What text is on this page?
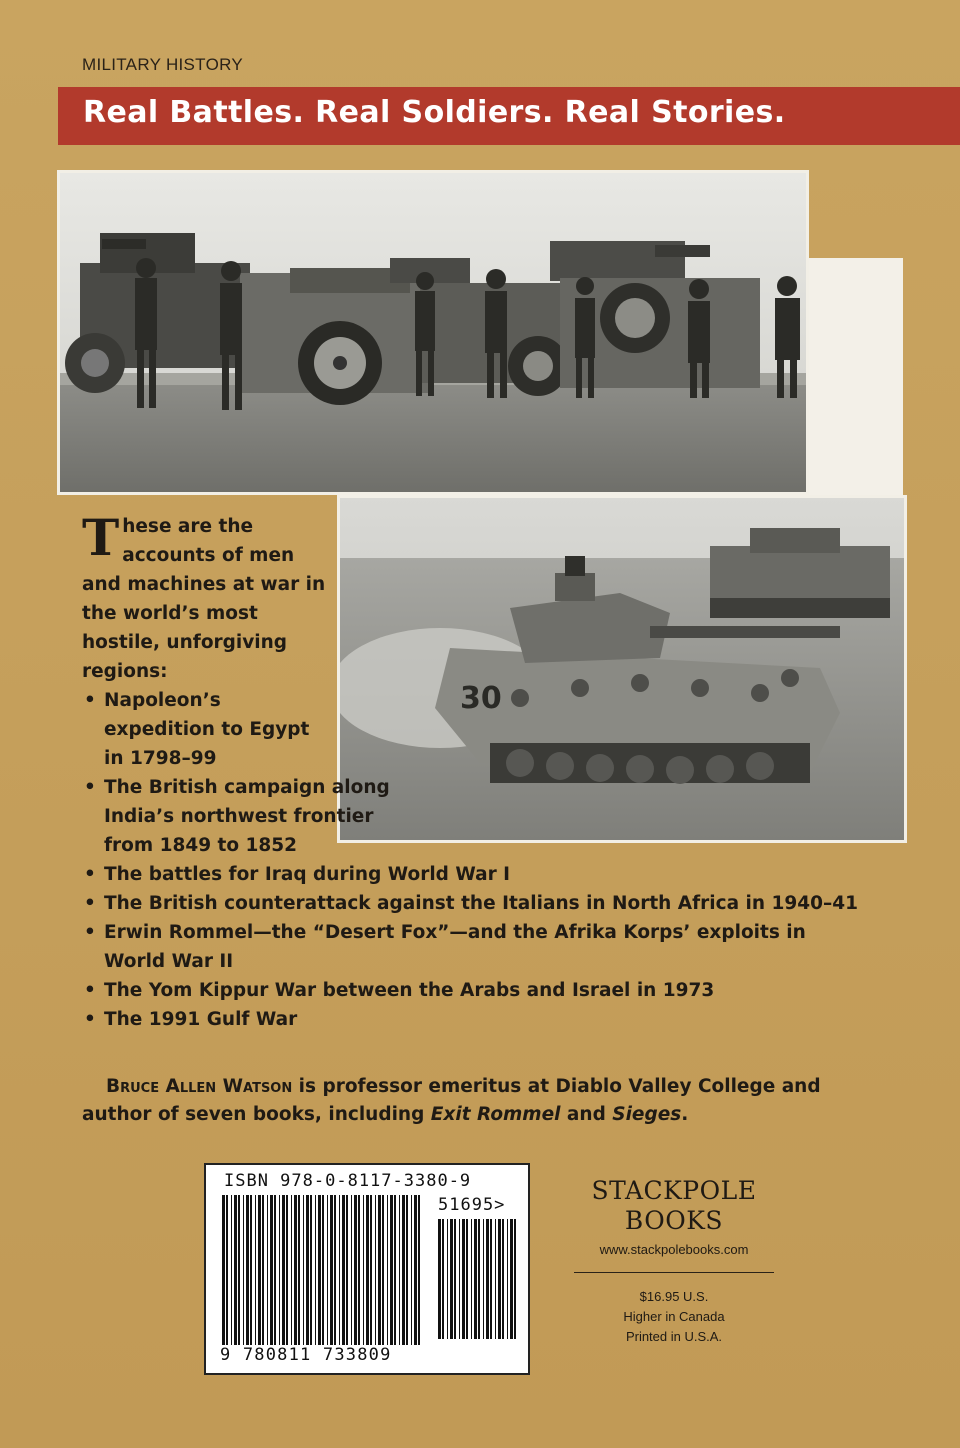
MILITARY HISTORY
Real Battles. Real Soldiers. Real Stories.
30
These are the accounts of men and machines at war in the world’s most hostile, unforgiving regions:
• Napoleon’s expedition to Egypt in 1798–99
• The British campaign along India’s northwest frontier from 1849 to 1852
• The battles for Iraq during World War I
• The British counterattack against the Italians in North Africa in 1940–41
• Erwin Rommel—the “Desert Fox”—and the Afrika Korps’ exploits in World War II
• The Yom Kippur War between the Arabs and Israel in 1973
• The 1991 Gulf War
Bruce Allen Watson is professor emeritus at Diablo Valley College and author of seven books, including Exit Rommel and Sieges.
ISBN 978-0-8117-3380-9
51695>
9 780811 733809
STACKPOLE
BOOKS
www.stackpolebooks.com
$16.95 U.S.
Higher in Canada
Printed in U.S.A.
